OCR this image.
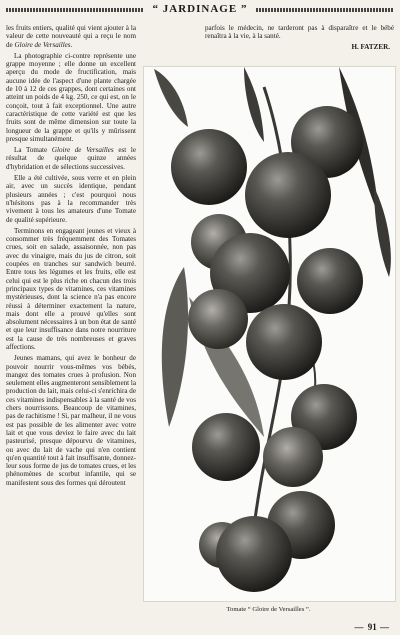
“ JARDINAGE ”

les fruits entiers, qualité qui vient ajouter à la valeur de cette nouveauté qui a reçu le nom de Gloire de Versailles.

La photographie ci-contre représente une grappe moyenne ; elle donne un excellent aperçu du mode de fructification, mais aucune idée de l'aspect d'une plante chargée de 10 à 12 de ces grappes, dont certaines ont atteint un poids de 4 kg. 250, ce qui est, on le conçoit, tout à fait exceptionnel. Une autre caractéristique de cette variété est que les fruits sont de même dimension sur toute la longueur de la grappe et qu'ils y mûrissent presque simultanément.

La Tomate Gloire de Versailles est le résultat de quelque quinze années d'hybridation et de sélections successives.

Elle a été cultivée, sous verre et en plein air, avec un succès identique, pendant plusieurs années ; c'est pourquoi nous n'hésitons pas à la recommander très vivement à tous les amateurs d'une Tomate de qualité supérieure.

Terminons en engageant jeunes et vieux à consommer très fréquemment des Tomates crues, soit en salade, assaisonnée, non pas avec du vinaigre, mais du jus de citron, soit coupées en tranches sur sandwich beurré. Entre tous les légumes et les fruits, elle est celui qui est le plus riche en chacun des trois principaux types de vitamines, ces vitamines mystérieuses, dont la science n'a pas encore réussi à déterminer exactement la nature, mais dont elle a prouvé qu'elles sont absolument nécessaires à un bon état de santé et que leur insuffisance dans notre nourriture est la cause de très nombreuses et graves affections.

Jeunes mamans, qui avez le bonheur de pouvoir nourrir vous-mêmes vos bébés, mangez des tomates crues à profusion. Non seulement elles augmenteront sensiblement la production du lait, mais celui-ci s'enrichira de ces vitamines indispensables à la santé de vos chers nourrissons. Beaucoup de vitamines, pas de rachitisme ! Si, par malheur, il ne vous est pas possible de les alimenter avec votre lait et que vous deviez le faire avec du lait pasteurisé, presque dépourvu de vitamines, ou avec du lait de vache qui n'en contient qu'en quantité tout à fait insuffisante, donnez-leur sous forme de jus de tomates crues, et les phénomènes de scorbut infantile, qui se manifestent sous des formes qui déroutent

parfois le médecin, ne tarderont pas à disparaître et le bébé renaîtra à la vie, à la santé.
H. FATZER.
Tomate “ Gloire de Versailles ”.
— 91 —
